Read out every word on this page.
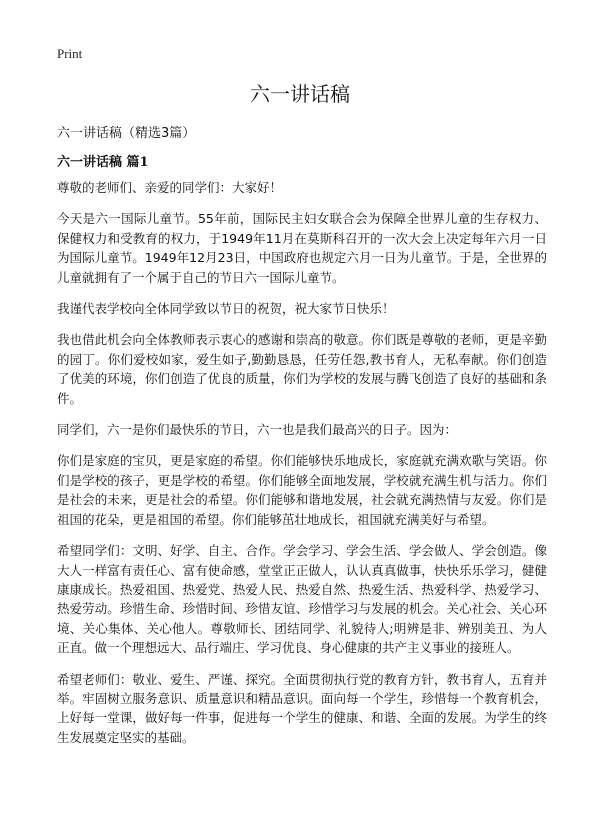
Print
六一讲话稿
六一讲话稿（精选3篇）
六一讲话稿 篇1

尊敬的老师们、亲爱的同学们：大家好！

今天是六一国际儿童节。55年前，国际民主妇女联合会为保障全世界儿童的生存权力、保健权力和受教育的权力，于1949年11月在莫斯科召开的一次大会上决定每年六月一日为国际儿童节。1949年12月23日，中国政府也规定六月一日为儿童节。于是，全世界的儿童就拥有了一个属于自己的节日六一国际儿童节。

我谨代表学校向全体同学致以节日的祝贺，祝大家节日快乐！

我也借此机会向全体教师表示衷心的感谢和崇高的敬意。你们既是尊敬的老师，更是辛勤的园丁。你们爱校如家，爱生如子,勤勤恳恳，任劳任怨,教书育人，无私奉献。你们创造了优美的环境，你们创造了优良的质量，你们为学校的发展与腾飞创造了良好的基础和条件。

同学们，六一是你们最快乐的节日，六一也是我们最高兴的日子。因为：

你们是家庭的宝贝，更是家庭的希望。你们能够快乐地成长，家庭就充满欢歌与笑语。你们是学校的孩子，更是学校的希望。你们能够全面地发展，学校就充满生机与活力。你们是社会的未来，更是社会的希望。你们能够和谐地发展，社会就充满热情与友爱。你们是祖国的花朵，更是祖国的希望。你们能够茁壮地成长，祖国就充满美好与希望。

希望同学们：文明、好学、自主、合作。学会学习、学会生活、学会做人、学会创造。像大人一样富有责任心、富有使命感，堂堂正正做人，认认真真做事，快快乐乐学习，健健康康成长。热爱祖国、热爱党、热爱人民、热爱自然、热爱生活、热爱科学、热爱学习、热爱劳动。珍惜生命、珍惜时间、珍惜友谊、珍惜学习与发展的机会。关心社会、关心环境、关心集体、关心他人。尊敬师长、团结同学、礼貌待人;明辨是非、辨别美丑、为人正直。做一个理想远大、品行端庄、学习优良、身心健康的共产主义事业的接班人。

希望老师们：敬业、爱生、严谨、探究。全面贯彻执行党的教育方针，教书育人，五育并举。牢固树立服务意识、质量意识和精品意识。面向每一个学生，珍惜每一个教育机会，上好每一堂课，做好每一件事，促进每一个学生的健康、和谐、全面的发展。为学生的终生发展奠定坚实的基础。
